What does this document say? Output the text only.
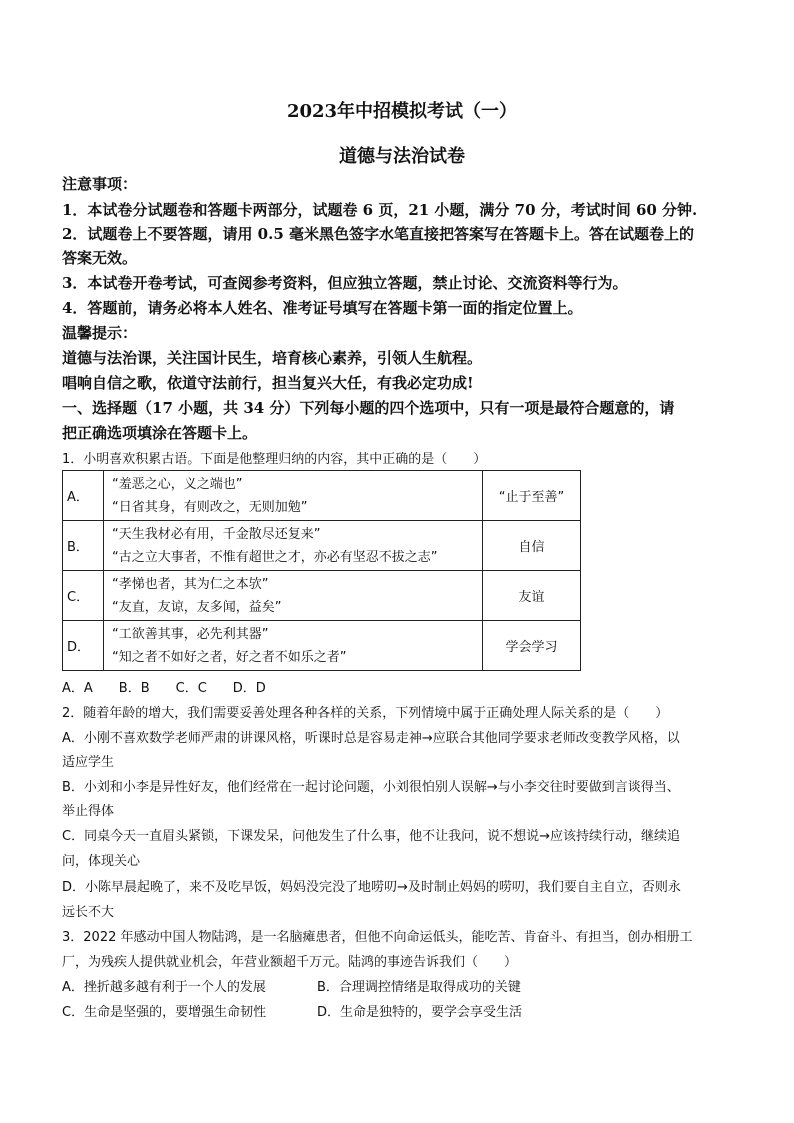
2023年中招模拟考试（一）
道德与法治试卷
注意事项：
1．本试卷分试题卷和答题卡两部分，试题卷 6 页，21 小题，满分 70 分，考试时间 60 分钟.
2．试题卷上不要答题，请用 0.5 毫米黑色签字水笔直接把答案写在答题卡上。答在试题卷上的
答案无效。
3．本试卷开卷考试，可查阅参考资料，但应独立答题，禁止讨论、交流资料等行为。
4．答题前，请务必将本人姓名、准考证号填写在答题卡第一面的指定位置上。
温馨提示：
道德与法治课，关注国计民生，培育核心素养，引领人生航程。
唱响自信之歌，依道守法前行，担当复兴大任，有我必定功成!
一、选择题（17 小题，共 34 分）下列每小题的四个选项中，只有一项是最符合题意的，请
把正确选项填涂在答题卡上。
1．小明喜欢积累古语。下面是他整理归纳的内容，其中正确的是（　　）
A．	“羞恶之心，义之端也”
“日省其身，有则改之，无则加勉”	“止于至善”
B．	“天生我材必有用，千金散尽还复来”
“古之立大事者，不惟有超世之才，亦必有坚忍不拔之志”	自信
C．	“孝悌也者，其为仁之本欤”
“友直，友谅，友多闻，益矣”	友谊
D．	“工欲善其事，必先利其器”
“知之者不如好之者，好之者不如乐之者”	学会学习
A．A　　B．B　　C．C　　D．D
2．随着年龄的增大，我们需要妥善处理各种各样的关系，下列情境中属于正确处理人际关系的是（　　）
A．小刚不喜欢数学老师严肃的讲课风格，听课时总是容易走神→应联合其他同学要求老师改变教学风格，以
适应学生
B．小刘和小李是异性好友，他们经常在一起讨论问题，小刘很怕别人误解→与小李交往时要做到言谈得当、
举止得体
C．同桌今天一直眉头紧锁，下课发呆，问他发生了什么事，他不让我问，说不想说→应该持续行动，继续追
问，体现关心
D．小陈早晨起晚了，来不及吃早饭，妈妈没完没了地唠叨→及时制止妈妈的唠叨，我们要自主自立，否则永
远长不大
3．2022 年感动中国人物陆鸿，是一名脑瘫患者，但他不向命运低头，能吃苦、肯奋斗、有担当，创办相册工
厂，为残疾人提供就业机会，年营业额超千万元。陆鸿的事迹告诉我们（　　）
A．挫折越多越有利于一个人的发展	B．合理调控情绪是取得成功的关键
C．生命是坚强的，要增强生命韧性	D．生命是独特的，要学会享受生活
